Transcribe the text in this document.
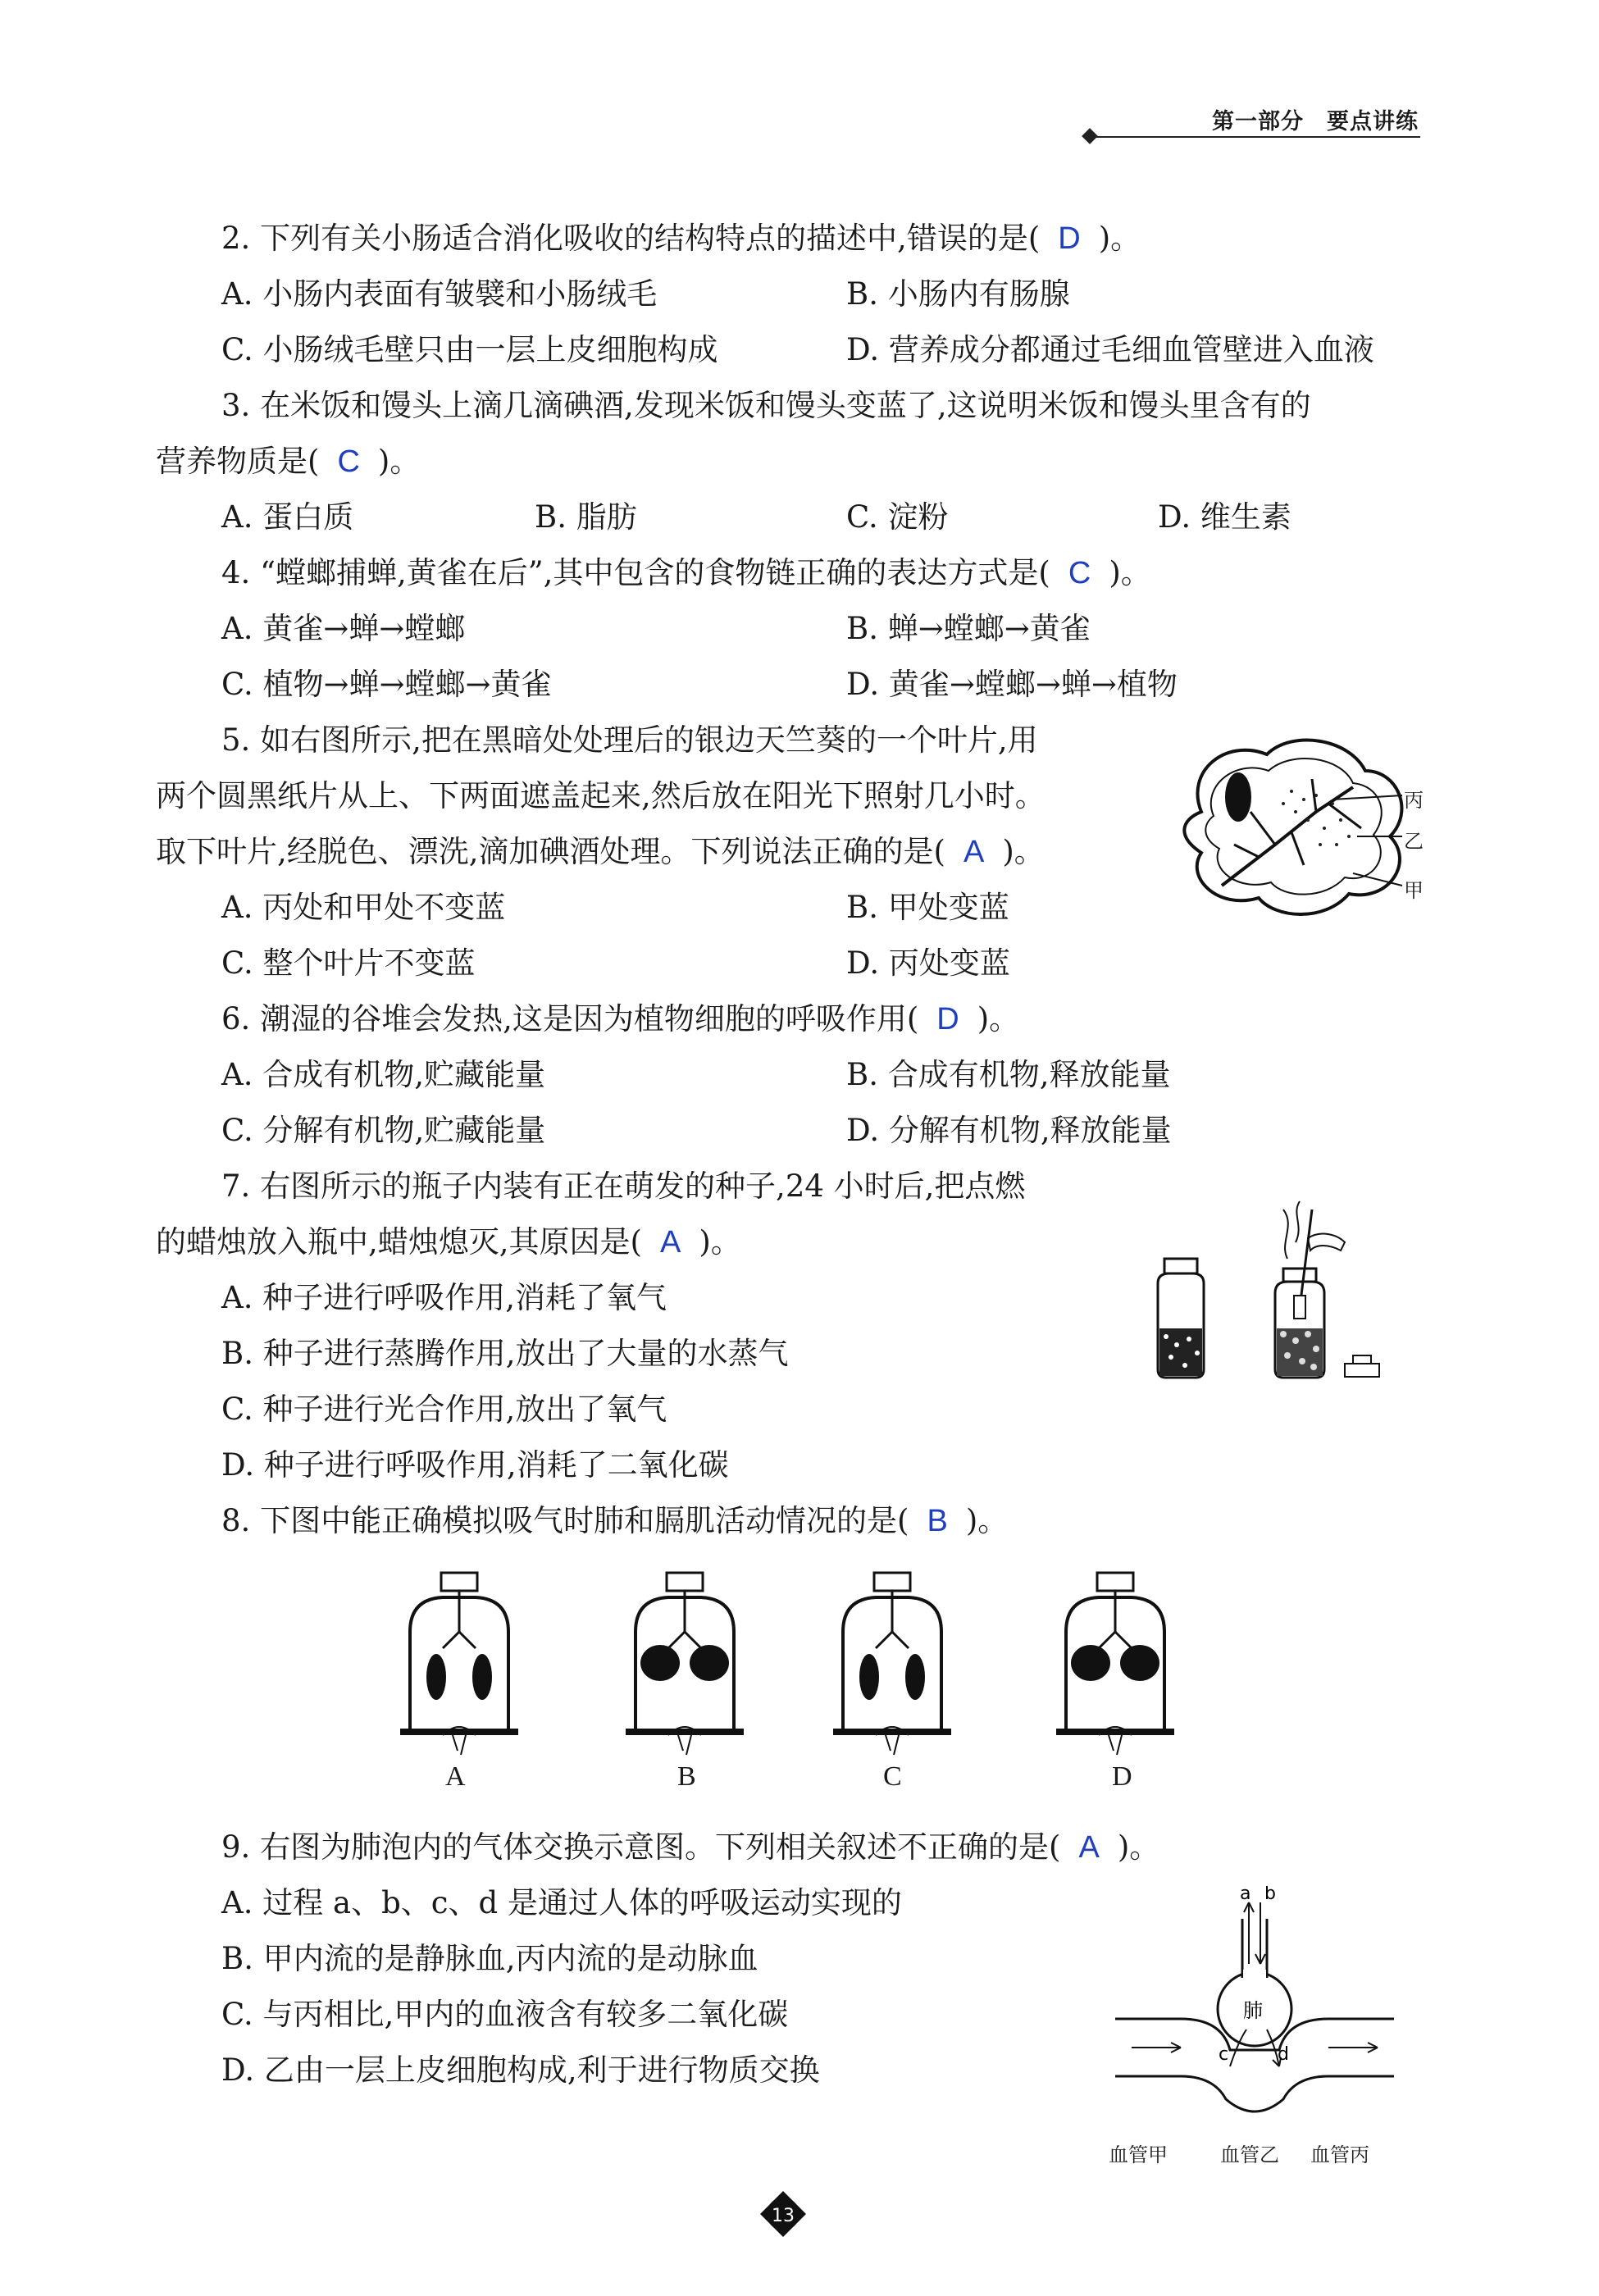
第一部分　要点讲练
2. 下列有关小肠适合消化吸收的结构特点的描述中,错误的是( D )。
A. 小肠内表面有皱襞和小肠绒毛	B. 小肠内有肠腺
C. 小肠绒毛壁只由一层上皮细胞构成	D. 营养成分都通过毛细血管壁进入血液
3. 在米饭和馒头上滴几滴碘酒,发现米饭和馒头变蓝了,这说明米饭和馒头里含有的
营养物质是( C )。
A. 蛋白质	B. 脂肪	C. 淀粉	D. 维生素
4. “螳螂捕蝉,黄雀在后”,其中包含的食物链正确的表达方式是( C )。
A. 黄雀→蝉→螳螂	B. 蝉→螳螂→黄雀
C. 植物→蝉→螳螂→黄雀	D. 黄雀→螳螂→蝉→植物
5. 如右图所示,把在黑暗处处理后的银边天竺葵的一个叶片,用
两个圆黑纸片从上、下两面遮盖起来,然后放在阳光下照射几小时。
取下叶片,经脱色、漂洗,滴加碘酒处理。下列说法正确的是( A )。
A. 丙处和甲处不变蓝	B. 甲处变蓝
C. 整个叶片不变蓝	D. 丙处变蓝
丙
乙
甲
6. 潮湿的谷堆会发热,这是因为植物细胞的呼吸作用( D )。
A. 合成有机物,贮藏能量	B. 合成有机物,释放能量
C. 分解有机物,贮藏能量	D. 分解有机物,释放能量
7. 右图所示的瓶子内装有正在萌发的种子,24 小时后,把点燃
的蜡烛放入瓶中,蜡烛熄灭,其原因是( A )。
A. 种子进行呼吸作用,消耗了氧气
B. 种子进行蒸腾作用,放出了大量的水蒸气
C. 种子进行光合作用,放出了氧气
D. 种子进行呼吸作用,消耗了二氧化碳
8. 下图中能正确模拟吸气时肺和膈肌活动情况的是( B )。
A	B	C	D
9. 右图为肺泡内的气体交换示意图。下列相关叙述不正确的是( A )。
A. 过程 a、b、c、d 是通过人体的呼吸运动实现的
B. 甲内流的是静脉血,丙内流的是动脉血
C. 与丙相比,甲内的血液含有较多二氧化碳
D. 乙由一层上皮细胞构成,利于进行物质交换
a b
肺
c	d
血管甲	血管乙 血管丙
13
